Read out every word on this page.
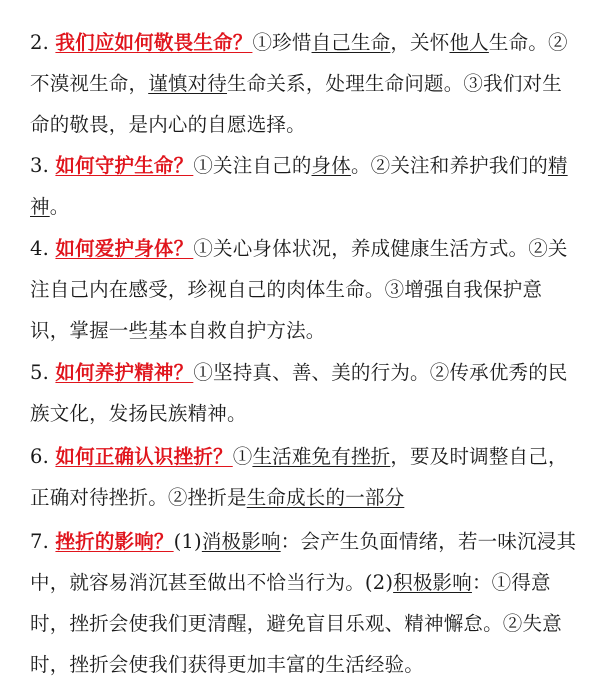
2. 我们应如何敬畏生命？①珍惜自己生命，关怀他人生命。②不漠视生命，谨慎对待生命关系，处理生命问题。③我们对生命的敬畏，是内心的自愿选择。
3. 如何守护生命？①关注自己的身体。②关注和养护我们的精神。
4. 如何爱护身体？①关心身体状况，养成健康生活方式。②关注自己内在感受，珍视自己的肉体生命。③增强自我保护意识，掌握一些基本自救自护方法。
5. 如何养护精神？①坚持真、善、美的行为。②传承优秀的民族文化，发扬民族精神。
6. 如何正确认识挫折？①生活难免有挫折，要及时调整自己，正确对待挫折。②挫折是生命成长的一部分
7. 挫折的影响？(1)消极影响：会产生负面情绪，若一味沉浸其中，就容易消沉甚至做出不恰当行为。(2)积极影响：①得意时，挫折会使我们更清醒，避免盲目乐观、精神懈怠。②失意时，挫折会使我们获得更加丰富的生活经验。
